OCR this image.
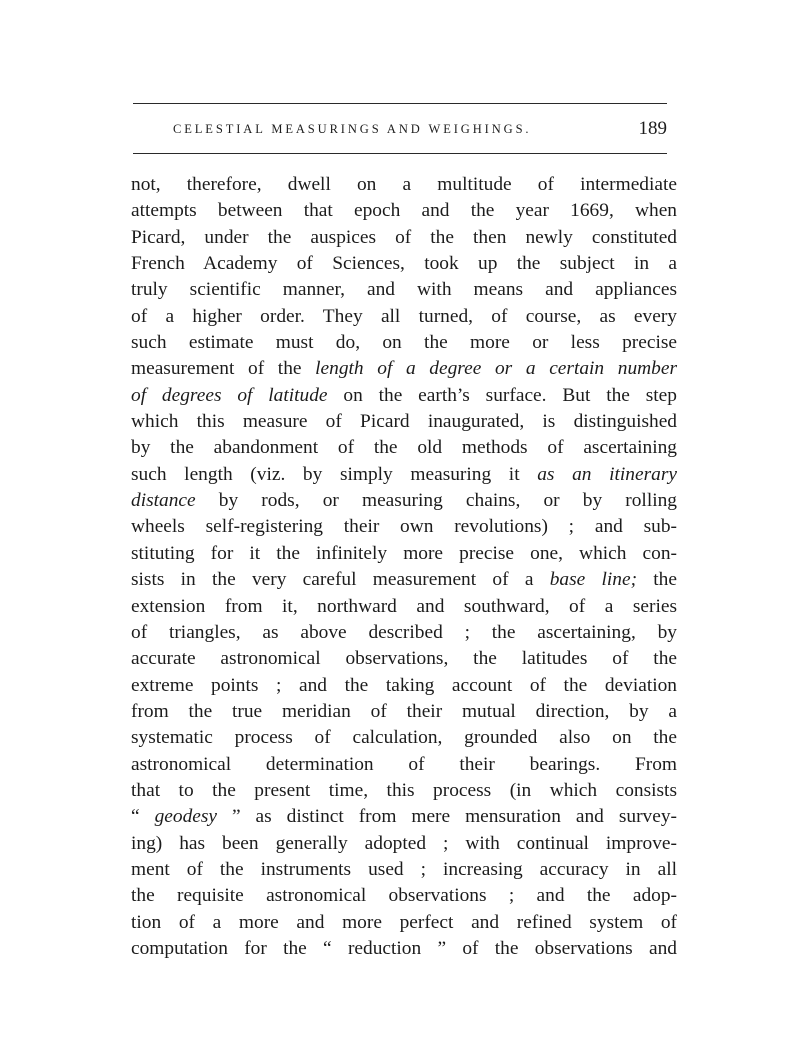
CELESTIAL MEASURINGS AND WEIGHINGS.	189
not, therefore, dwell on a multitude of intermediate
attempts between that epoch and the year 1669, when
Picard, under the auspices of the then newly constituted
French Academy of Sciences, took up the subject in a
truly scientific manner, and with means and appliances
of a higher order. They all turned, of course, as every
such estimate must do, on the more or less precise
measurement of the length of a degree or a certain number
of degrees of latitude on the earth’s surface. But the step
which this measure of Picard inaugurated, is distinguished
by the abandonment of the old methods of ascertaining
such length (viz. by simply measuring it as an itinerary
distance by rods, or measuring chains, or by rolling
wheels self-registering their own revolutions) ; and sub-
stituting for it the infinitely more precise one, which con-
sists in the very careful measurement of a base line; the
extension from it, northward and southward, of a series
of triangles, as above described ; the ascertaining, by
accurate astronomical observations, the latitudes of the
extreme points ; and the taking account of the deviation
from the true meridian of their mutual direction, by a
systematic process of calculation, grounded also on the
astronomical determination of their bearings. From
that to the present time, this process (in which consists
“ geodesy ” as distinct from mere mensuration and survey-
ing) has been generally adopted ; with continual improve-
ment of the instruments used ; increasing accuracy in all
the requisite astronomical observations ; and the adop-
tion of a more and more perfect and refined system of
computation for the “ reduction ” of the observations and
